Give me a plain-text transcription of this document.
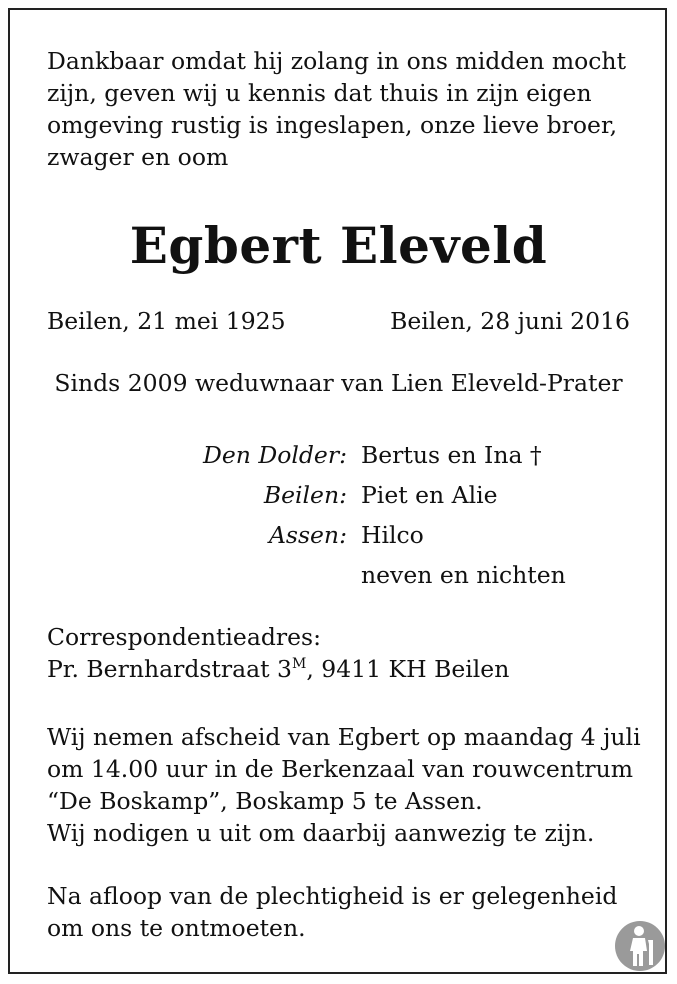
Dankbaar omdat hij zolang in ons midden mocht
zijn, geven wij u kennis dat thuis in zijn eigen
omgeving rustig is ingeslapen, onze lieve broer,
zwager en oom
Egbert Eleveld
Beilen, 21 mei 1925	Beilen, 28 juni 2016
Sinds 2009 weduwnaar van Lien Eleveld-Prater
Den Dolder: Bertus en Ina †
Beilen: Piet en Alie
Assen: Hilco
neven en nichten
Correspondentieadres:
Pr. Bernhardstraat $3^M$, 9411 KH Beilen
Wij nemen afscheid van Egbert op maandag 4 juli
om 14.00 uur in de Berkenzaal van rouwcentrum
“De Boskamp”, Boskamp 5 te Assen.
Wij nodigen u uit om daarbij aanwezig te zijn.
Na afloop van de plechtigheid is er gelegenheid
om ons te ontmoeten.
